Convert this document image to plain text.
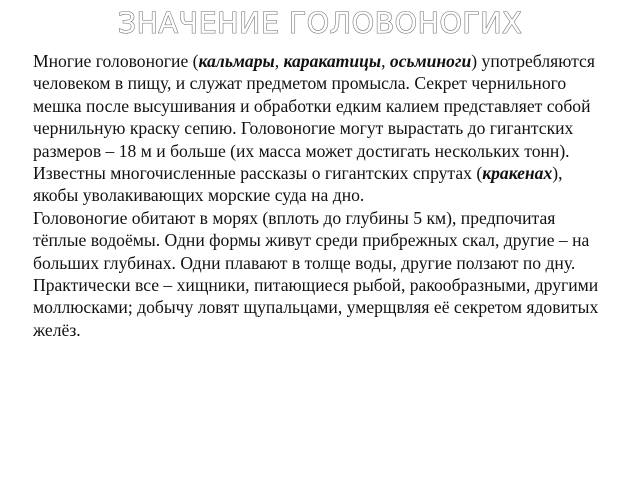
ЗНАЧЕНИЕ ГОЛОВОНОГИХ

Многие головоногие (кальмары, каракатицы, осьминоги) употребляются человеком в пищу, и служат предметом промысла. Секрет чернильного мешка после высушивания и обработки едким калием представляет собой чернильную краску сепию. Головоногие могут вырастать до гигантских размеров – 18 м и больше (их масса может достигать нескольких тонн). Известны многочисленные рассказы о гигантских спрутах (кракенах), якобы уволакивающих морские суда на дно.

Головоногие обитают в морях (вплоть до глубины 5 км), предпочитая тёплые водоёмы. Одни формы живут среди прибрежных скал, другие – на больших глубинах. Одни плавают в толще воды, другие ползают по дну. Практически все – хищники, питающиеся рыбой, ракообразными, другими моллюсками; добычу ловят щупальцами, умерщвляя её секретом ядовитых желёз.
